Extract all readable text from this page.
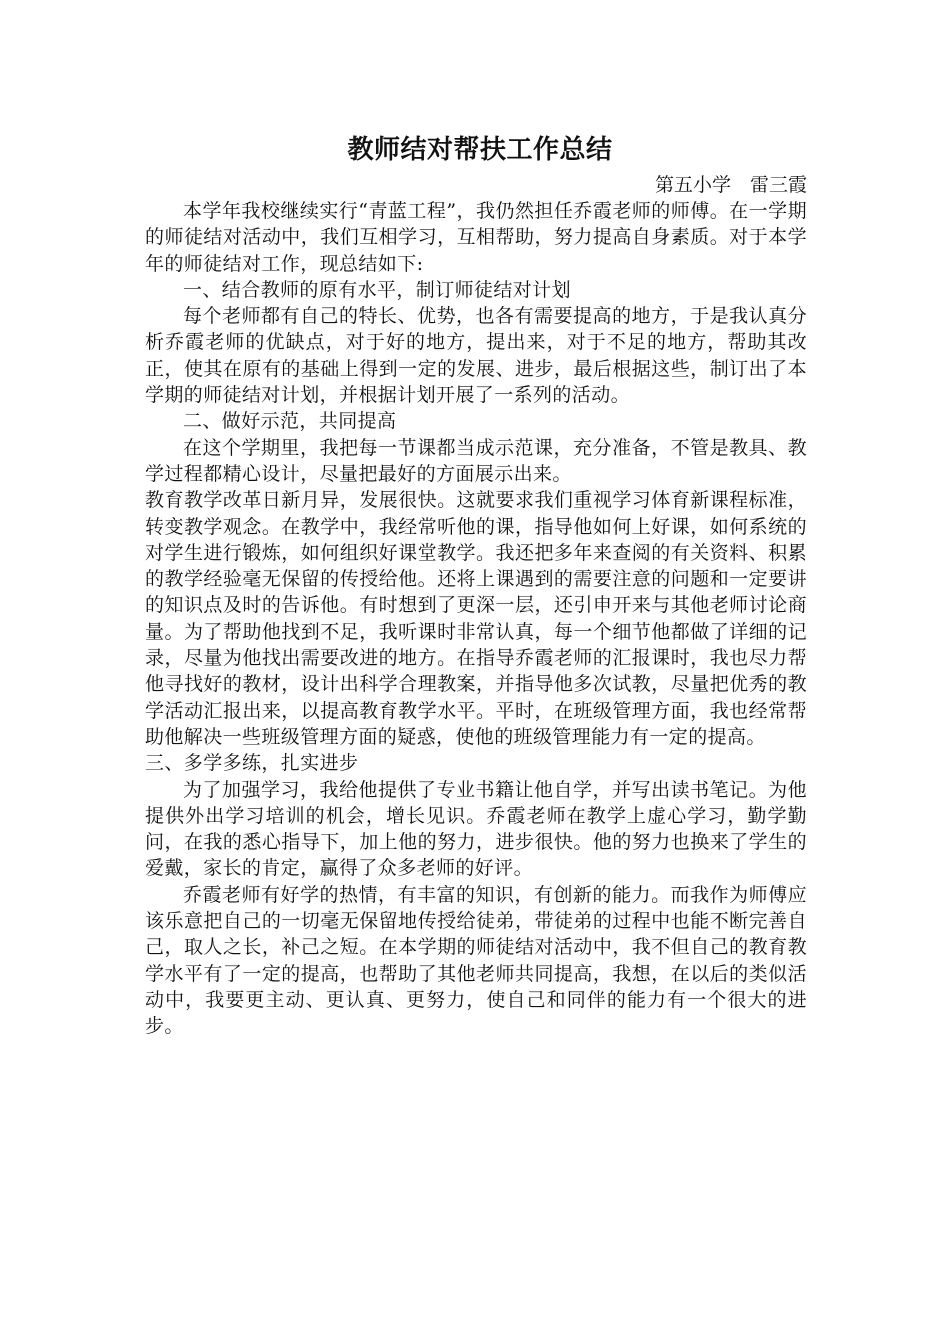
教师结对帮扶工作总结
第五小学　雷三霞

本学年我校继续实行“青蓝工程”，我仍然担任乔霞老师的师傅。在一学期的师徒结对活动中，我们互相学习，互相帮助，努力提高自身素质。对于本学年的师徒结对工作，现总结如下:

一、结合教师的原有水平，制订师徒结对计划

每个老师都有自己的特长、优势，也各有需要提高的地方，于是我认真分析乔霞老师的优缺点，对于好的地方，提出来，对于不足的地方，帮助其改正，使其在原有的基础上得到一定的发展、进步，最后根据这些，制订出了本学期的师徒结对计划，并根据计划开展了一系列的活动。

二、做好示范，共同提高

在这个学期里，我把每一节课都当成示范课，充分准备，不管是教具、教学过程都精心设计，尽量把最好的方面展示出来。

教育教学改革日新月异，发展很快。这就要求我们重视学习体育新课程标准，转变教学观念。在教学中，我经常听他的课，指导他如何上好课，如何系统的对学生进行锻炼，如何组织好课堂教学。我还把多年来查阅的有关资料、积累的教学经验毫无保留的传授给他。还将上课遇到的需要注意的问题和一定要讲的知识点及时的告诉他。有时想到了更深一层，还引申开来与其他老师讨论商量。为了帮助他找到不足，我听课时非常认真，每一个细节他都做了详细的记录，尽量为他找出需要改进的地方。在指导乔霞老师的汇报课时，我也尽力帮他寻找好的教材，设计出科学合理教案，并指导他多次试教，尽量把优秀的教学活动汇报出来，以提高教育教学水平。平时，在班级管理方面，我也经常帮助他解决一些班级管理方面的疑惑，使他的班级管理能力有一定的提高。

三、多学多练，扎实进步

为了加强学习，我给他提供了专业书籍让他自学，并写出读书笔记。为他提供外出学习培训的机会，增长见识。乔霞老师在教学上虚心学习，勤学勤问，在我的悉心指导下，加上他的努力，进步很快。他的努力也换来了学生的爱戴，家长的肯定，赢得了众多老师的好评。

乔霞老师有好学的热情，有丰富的知识，有创新的能力。而我作为师傅应该乐意把自己的一切毫无保留地传授给徒弟，带徒弟的过程中也能不断完善自己，取人之长，补己之短。在本学期的师徒结对活动中，我不但自己的教育教学水平有了一定的提高，也帮助了其他老师共同提高，我想，在以后的类似活动中，我要更主动、更认真、更努力，使自己和同伴的能力有一个很大的进步。
